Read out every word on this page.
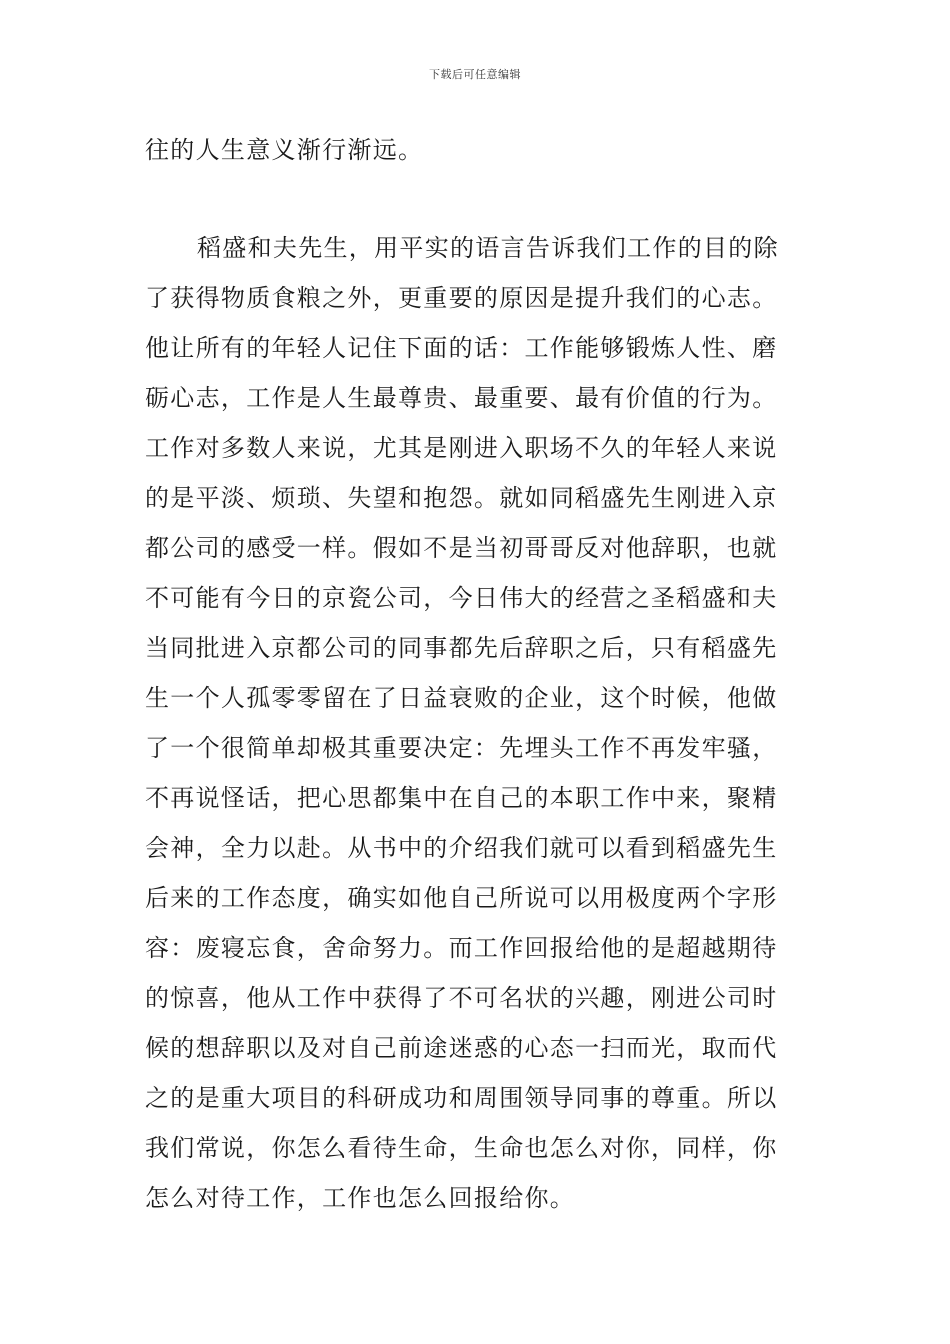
下载后可任意编辑
往的人生意义渐行渐远。
稻盛和夫先生，用平实的语言告诉我们工作的目的除
了获得物质食粮之外，更重要的原因是提升我们的心志。
他让所有的年轻人记住下面的话：工作能够锻炼人性、磨
砺心志，工作是人生最尊贵、最重要、最有价值的行为。
工作对多数人来说，尤其是刚进入职场不久的年轻人来说
的是平淡、烦琐、失望和抱怨。就如同稻盛先生刚进入京
都公司的感受一样。假如不是当初哥哥反对他辞职，也就
不可能有今日的京瓷公司，今日伟大的经营之圣稻盛和夫
当同批进入京都公司的同事都先后辞职之后，只有稻盛先
生一个人孤零零留在了日益衰败的企业，这个时候，他做
了一个很简单却极其重要决定：先埋头工作不再发牢骚，
不再说怪话，把心思都集中在自己的本职工作中来，聚精
会神，全力以赴。从书中的介绍我们就可以看到稻盛先生
后来的工作态度，确实如他自己所说可以用极度两个字形
容：废寝忘食，舍命努力。而工作回报给他的是超越期待
的惊喜，他从工作中获得了不可名状的兴趣，刚进公司时
候的想辞职以及对自己前途迷惑的心态一扫而光，取而代
之的是重大项目的科研成功和周围领导同事的尊重。所以
我们常说，你怎么看待生命，生命也怎么对你，同样，你
怎么对待工作，工作也怎么回报给你。
